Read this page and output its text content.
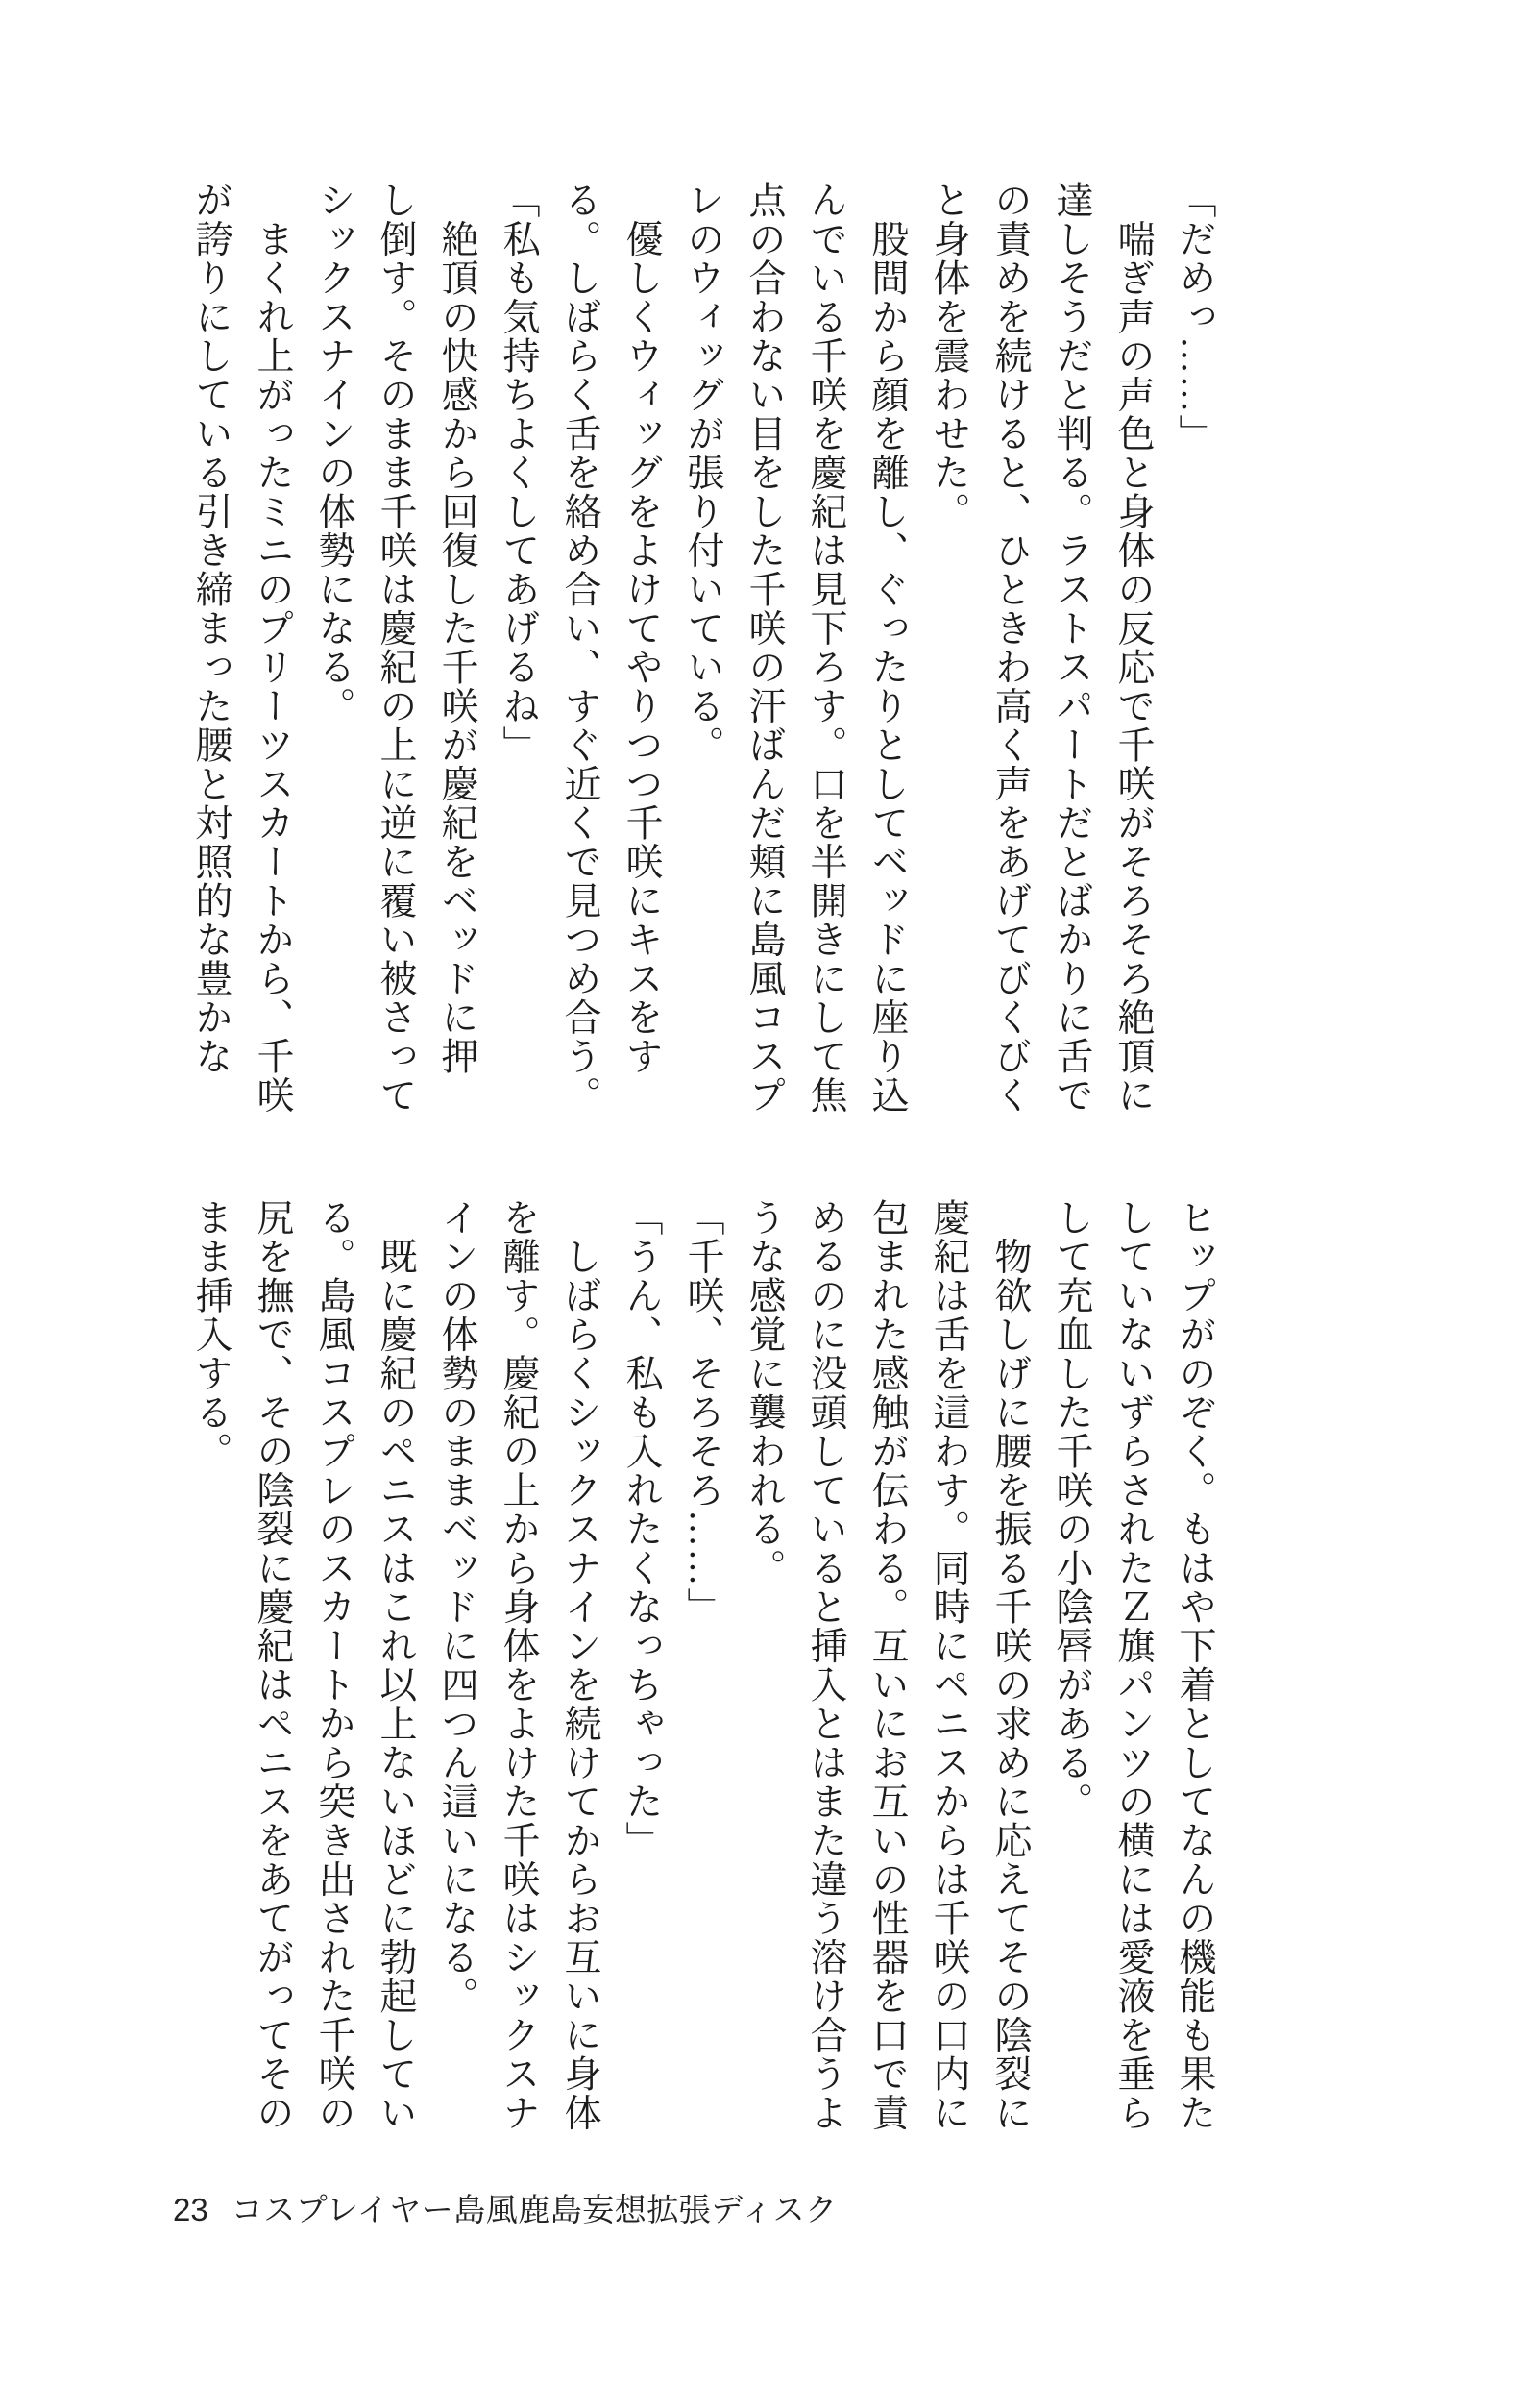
「だめっ……」
　喘ぎ声の声色と身体の反応で千咲がそろそろ絶頂に
達しそうだと判る。ラストスパートだとばかりに舌で
の責めを続けると、ひときわ高く声をあげてびくびく
と身体を震わせた。
　股間から顔を離し、ぐったりとしてベッドに座り込
んでいる千咲を慶紀は見下ろす。口を半開きにして焦
点の合わない目をした千咲の汗ばんだ頬に島風コスプ
レのウィッグが張り付いている。
　優しくウィッグをよけてやりつつ千咲にキスをす
る。しばらく舌を絡め合い、すぐ近くで見つめ合う。
「私も気持ちよくしてあげるね」
　絶頂の快感から回復した千咲が慶紀をベッドに押
し倒す。そのまま千咲は慶紀の上に逆に覆い被さって
シックスナインの体勢になる。
　まくれ上がったミニのプリーツスカートから、千咲
が誇りにしている引き締まった腰と対照的な豊かな
ヒップがのぞく。もはや下着としてなんの機能も果た
していないずらされたＺ旗パンツの横には愛液を垂ら
して充血した千咲の小陰唇がある。
　物欲しげに腰を振る千咲の求めに応えてその陰裂に
慶紀は舌を這わす。同時にペニスからは千咲の口内に
包まれた感触が伝わる。互いにお互いの性器を口で責
めるのに没頭していると挿入とはまた違う溶け合うよ
うな感覚に襲われる。
「千咲、そろそろ……」
「うん、私も入れたくなっちゃった」
　しばらくシックスナインを続けてからお互いに身体
を離す。慶紀の上から身体をよけた千咲はシックスナ
インの体勢のままベッドに四つん這いになる。
　既に慶紀のペニスはこれ以上ないほどに勃起してい
る。島風コスプレのスカートから突き出された千咲の
尻を撫で、その陰裂に慶紀はペニスをあてがってその
まま挿入する。
23 コスプレイヤー島風鹿島妄想拡張ディスク
